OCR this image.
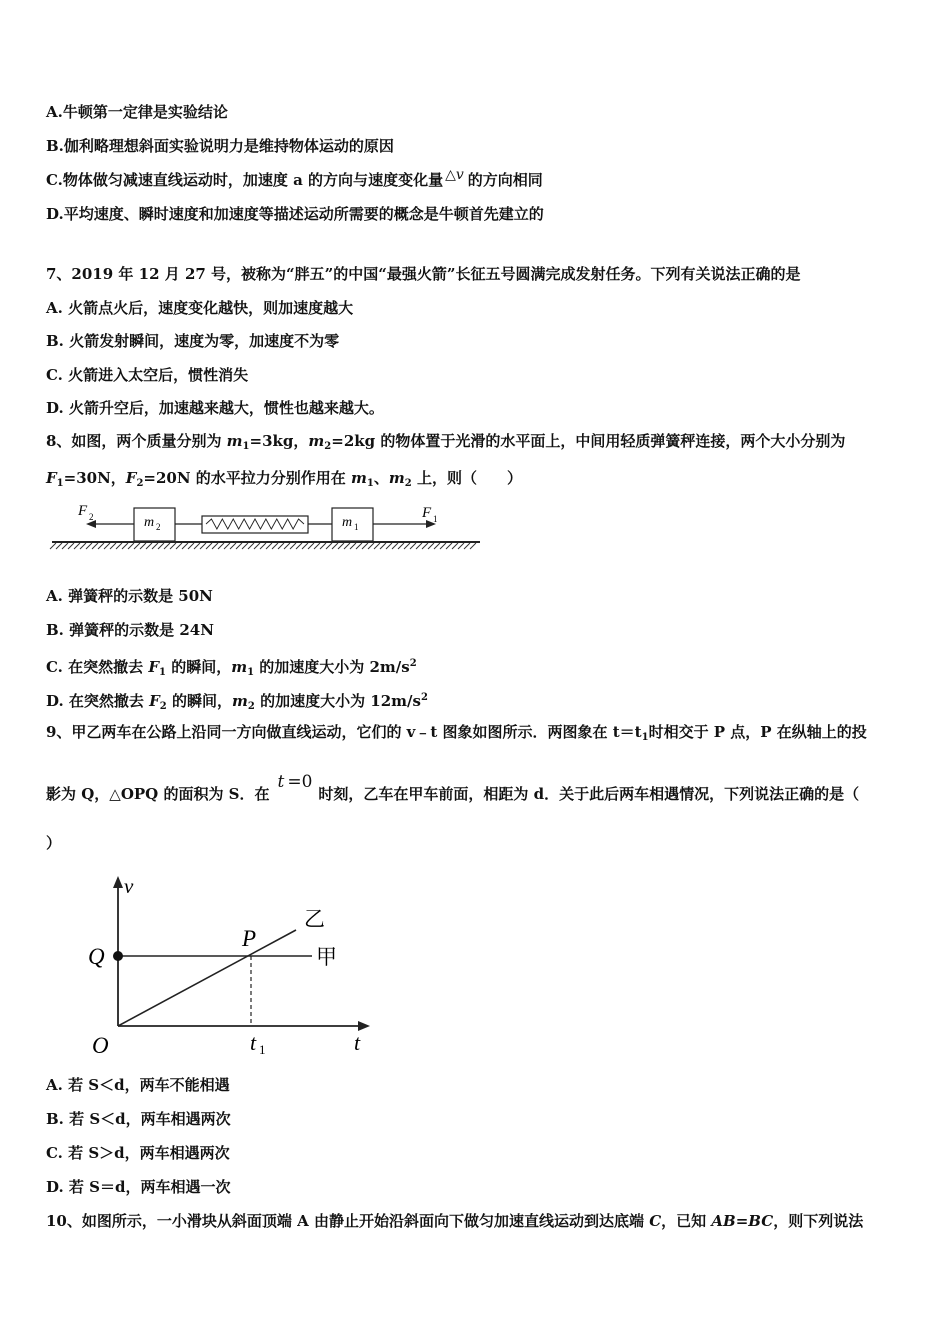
A.牛顿第一定律是实验结论
B.伽利略理想斜面实验说明力是维持物体运动的原因
C.物体做匀减速直线运动时，加速度 a 的方向与速度变化量 △v 的方向相同
D.平均速度、瞬时速度和加速度等描述运动所需要的概念是牛顿首先建立的
7、2019 年 12 月 27 号，被称为“胖五”的中国“最强火箭”长征五号圆满完成发射任务。下列有关说法正确的是
A. 火箭点火后，速度变化越快，则加速度越大
B. 火箭发射瞬间，速度为零，加速度不为零
C. 火箭进入太空后，惯性消失
D. 火箭升空后，加速越来越大，惯性也越来越大。
8、如图，两个质量分别为 $m_1=3kg$，$m_2=2kg$ 的物体置于光滑的水平面上，中间用轻质弹簧秤连接，两个大小分别为
$F_1=30N$，$F_2=20N$ 的水平拉力分别作用在 $m_1$、$m_2$ 上，则（　　）
m 2	m 1
F 2	F 1
A. 弹簧秤的示数是 50N
B. 弹簧秤的示数是 24N
C. 在突然撤去 $F_1$ 的瞬间，$m_1$ 的加速度大小为 $2m/s^2$
D. 在突然撤去 $F_2$ 的瞬间，$m_2$ 的加速度大小为 $12m/s^2$
9、甲乙两车在公路上沿同一方向做直线运动，它们的 v﹣t 图象如图所示．两图象在 $t=t_1$时相交于 P 点，P 在纵轴上的投
影为 Q，△OPQ 的面积为 S．在t =0时刻，乙车在甲车前面，相距为 d．关于此后两车相遇情况，下列说法正确的是（
）
v
Q
P
乙
甲
O	t 1	t
A. 若 S＜d，两车不能相遇
B. 若 S＜d，两车相遇两次
C. 若 S＞d，两车相遇两次
D. 若 S＝d，两车相遇一次
10、如图所示，一小滑块从斜面顶端 A 由静止开始沿斜面向下做匀加速直线运动到达底端 C，已知 AB=BC，则下列说法
